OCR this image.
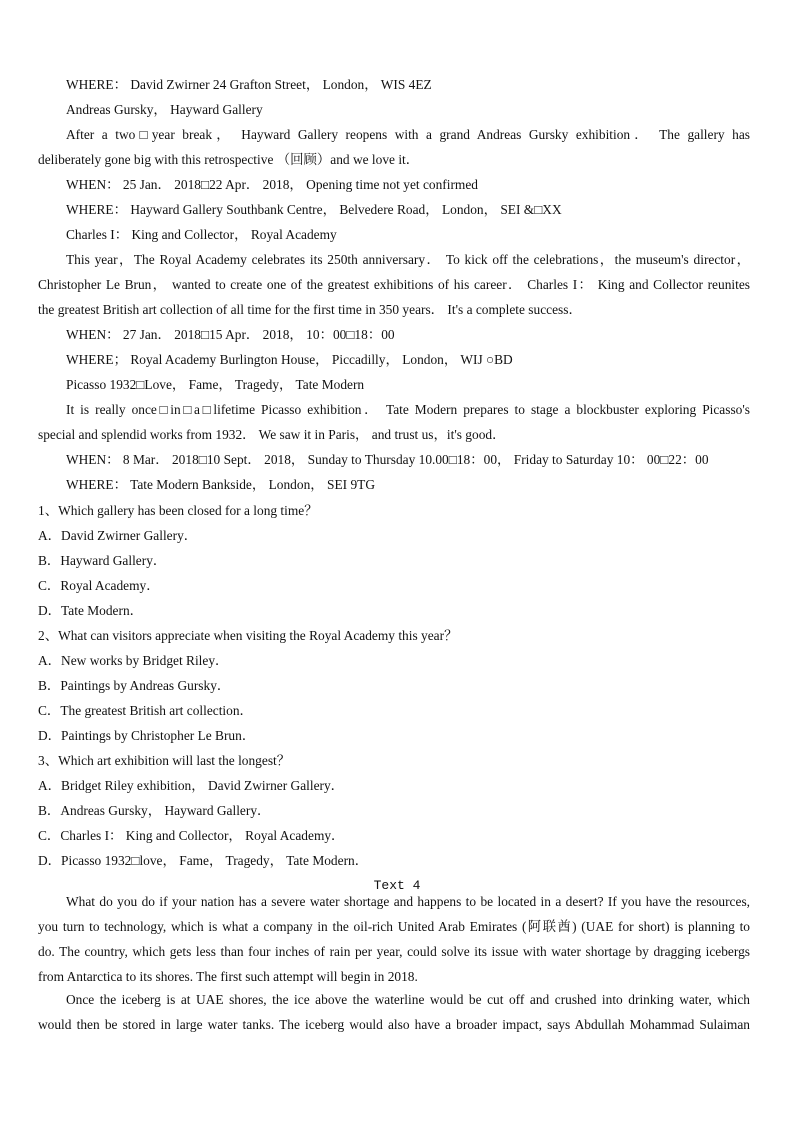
WHERE： David Zwirner 24 Grafton Street， London， WIS 4EZ
Andreas Gursky， Hayward Gallery
After a two□year break， Hayward Gallery reopens with a grand Andreas Gursky exhibition． The gallery has
deliberately gone big with this retrospective （回顾）and we love it．
WHEN： 25 Jan． 2018□22 Apr． 2018， Opening time not yet confirmed
WHERE： Hayward Gallery Southbank Centre， Belvedere Road， London， SEI &□XX
Charles I： King and Collector， Royal Academy
This year，The Royal Academy celebrates its 250th anniversary． To kick off the celebrations，the museum's director，
Christopher Le Brun， wanted to create one of the greatest exhibitions of his career． Charles I： King and Collector reunites
the greatest British art collection of all time for the first time in 350 years． It's a complete success．
WHEN： 27 Jan． 2018□15 Apr． 2018， 10：00□18：00
WHERE； Royal Academy Burlington House， Piccadilly， London， WIJ ○BD
Picasso 1932□Love， Fame， Tragedy， Tate Modern
It is really once□in□a□lifetime Picasso exhibition． Tate Modern prepares to stage a blockbuster exploring Picasso's
special and splendid works from 1932． We saw it in Paris， and trust us，it's good．
WHEN： 8 Mar． 2018□10 Sept． 2018， Sunday to Thursday 10.00□18：00， Friday to Saturday 10： 00□22：00
WHERE： Tate Modern Bankside， London， SEI 9TG
1、Which gallery has been closed for a long time？
A．David Zwirner Gallery．
B．Hayward Gallery．
C．Royal Academy．
D．Tate Modern．
2、What can visitors appreciate when visiting the Royal Academy this year？
A．New works by Bridget Riley．
B．Paintings by Andreas Gursky．
C．The greatest British art collection．
D．Paintings by Christopher Le Brun．
3、Which art exhibition will last the longest？
A．Bridget Riley exhibition， David Zwirner Gallery．
B．Andreas Gursky， Hayward Gallery．
C．Charles I： King and Collector， Royal Academy．
D．Picasso 1932□love， Fame， Tragedy， Tate Modern．
Text 4
What do you do if your nation has a severe water shortage and happens to be located in a desert? If you have the resources,
you turn to technology, which is what a company in the oil-rich United Arab Emirates (阿联酋) (UAE for short) is planning to
do. The country, which gets less than four inches of rain per year, could solve its issue with water shortage by dragging icebergs
from Antarctica to its shores. The first such attempt will begin in 2018.
Once the iceberg is at UAE shores, the ice above the waterline would be cut off and crushed into drinking water, which
would then be stored in large water tanks. The iceberg would also have a broader impact, says Abdullah Mohammad Sulaiman
